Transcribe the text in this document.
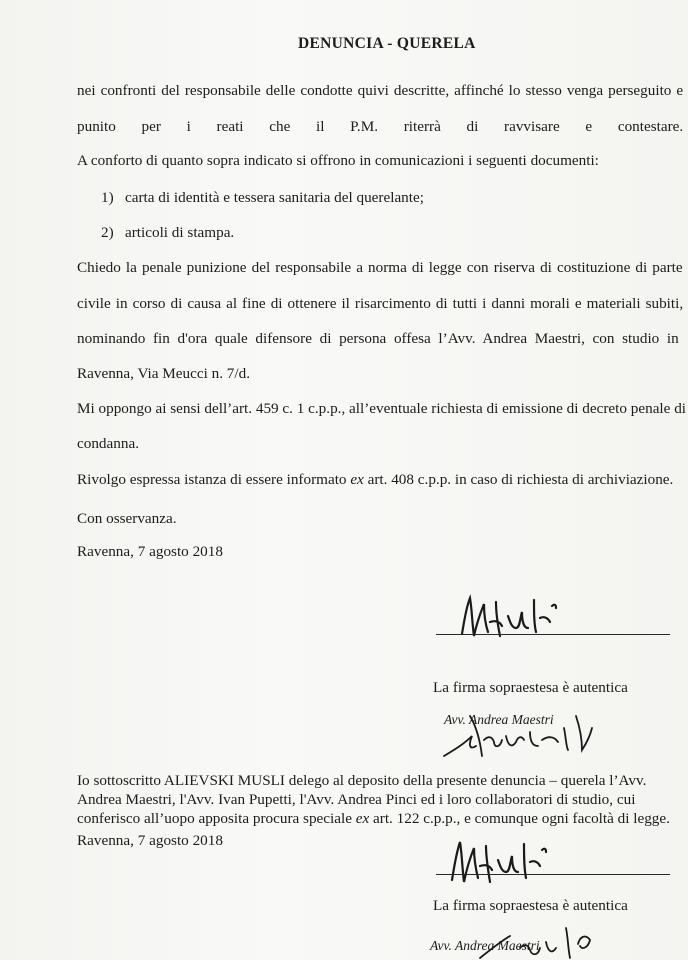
DENUNCIA - QUERELA
nei confronti del responsabile delle condotte quivi descritte, affinché lo stesso venga perseguito e
punito per i reati che il P.M. riterrà di ravvisare e contestare.
A conforto di quanto sopra indicato si offrono in comunicazioni i seguenti documenti:
1) carta di identità e tessera sanitaria del querelante;
2) articoli di stampa.
Chiedo la penale punizione del responsabile a norma di legge con riserva di costituzione di parte
civile in corso di causa al fine di ottenere il risarcimento di tutti i danni morali e materiali subiti,
nominando fin d'ora quale difensore di persona offesa l’Avv. Andrea Maestri, con studio in
Ravenna, Via Meucci n. 7/d.
Mi oppongo ai sensi dell’art. 459 c. 1 c.p.p., all’eventuale richiesta di emissione di decreto penale di
condanna.
Rivolgo espressa istanza di essere informato ex art. 408 c.p.p. in caso di richiesta di archiviazione.
Con osservanza.
Ravenna, 7 agosto 2018
La firma sopraestesa è autentica
Avv. Andrea Maestri
Io sottoscritto ALIEVSKI MUSLI delego al deposito della presente denuncia – querela l’Avv.
Andrea Maestri, l'Avv. Ivan Pupetti, l'Avv. Andrea Pinci ed i loro collaboratori di studio, cui
conferisco all’uopo apposita procura speciale ex art. 122 c.p.p., e comunque ogni facoltà di legge.
Ravenna, 7 agosto 2018
La firma sopraestesa è autentica
Avv. Andrea Maestri
